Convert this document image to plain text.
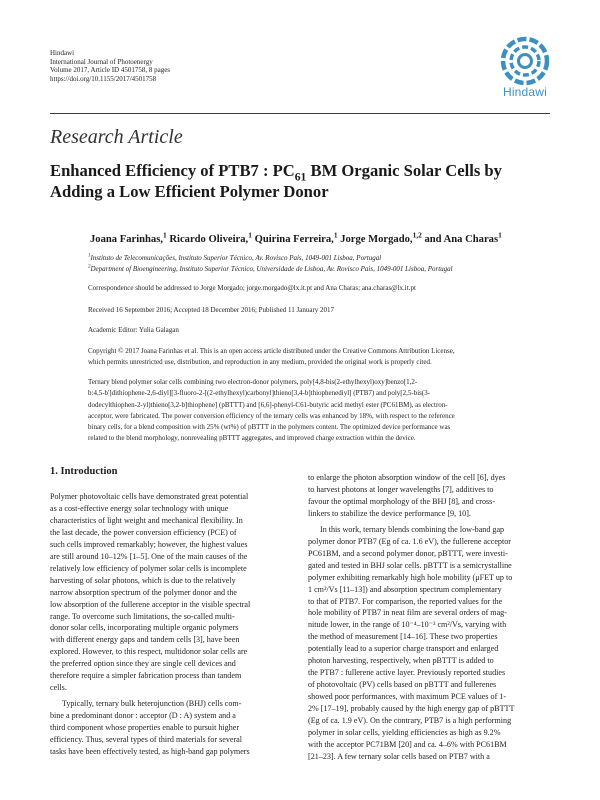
Hindawi
International Journal of Photoenergy
Volume 2017, Article ID 4501758, 8 pages
https://doi.org/10.1155/2017/4501758
Hindawi
Research Article
Enhanced Efficiency of PTB7 : $PC_{61}$ BM Organic Solar Cells by
Adding a Low Efficient Polymer Donor
Joana Farinhas,$^1$ Ricardo Oliveira,$^1$ Quirina Ferreira,$^1$ Jorge Morgado,$^{1,2}$ and Ana Charas$^1$
$^1$Instituto de Telecomunicações, Instituto Superior Técnico, Av. Rovisco Pais, 1049-001 Lisboa, Portugal
$^2$Department of Bioengineering, Instituto Superior Técnico, Universidade de Lisboa, Av. Rovisco Pais, 1049-001 Lisboa, Portugal
Correspondence should be addressed to Jorge Morgado; jorge.morgado@lx.it.pt and Ana Charas; ana.charas@lx.it.pt
Received 16 September 2016; Accepted 18 December 2016; Published 11 January 2017
Academic Editor: Yulia Galagan
Copyright © 2017 Joana Farinhas et al. This is an open access article distributed under the Creative Commons Attribution License,
which permits unrestricted use, distribution, and reproduction in any medium, provided the original work is properly cited.
Ternary blend polymer solar cells combining two electron-donor polymers, poly[4,8-bis(2-ethylhexyl)oxy]benzo[1,2-
b:4,5-b']dithiophene-2,6-diyl][3-fluoro-2-[(2-ethylhexyl)carbonyl]thieno[3,4-b]thiophenediyl] (PTB7) and poly[2,5-bis(3-
dodecylthiophen-2-yl)thieno[3,2-b]thiophene] (pBTTT) and [6,6]-phenyl-C61-butyric acid methyl ester (PC61BM), as electron-
acceptor, were fabricated. The power conversion efficiency of the ternary cells was enhanced by 18%, with respect to the reference
binary cells, for a blend composition with 25% (wt%) of pBTTT in the polymers content. The optimized device performance was
related to the blend morphology, nonrevealing pBTTT aggregates, and improved charge extraction within the device.
1. Introduction
Polymer photovoltaic cells have demonstrated great potential
as a cost-effective energy solar technology with unique
characteristics of light weight and mechanical flexibility. In
the last decade, the power conversion efficiency (PCE) of
such cells improved remarkably; however, the highest values
are still around 10–12% [1–5]. One of the main causes of the
relatively low efficiency of polymer solar cells is incomplete
harvesting of solar photons, which is due to the relatively
narrow absorption spectrum of the polymer donor and the
low absorption of the fullerene acceptor in the visible spectral
range. To overcome such limitations, the so-called multi-
donor solar cells, incorporating multiple organic polymers
with different energy gaps and tandem cells [3], have been
explored. However, to this respect, multidonor solar cells are
the preferred option since they are single cell devices and
therefore require a simpler fabrication process than tandem
cells.
Typically, ternary bulk heterojunction (BHJ) cells com-
bine a predominant donor : acceptor (D : A) system and a
third component whose properties enable to pursuit higher
efficiency. Thus, several types of third materials for several
tasks have been effectively tested, as high-band gap polymers
to enlarge the photon absorption window of the cell [6], dyes
to harvest photons at longer wavelengths [7], additives to
favour the optimal morphology of the BHJ [8], and cross-
linkers to stabilize the device performance [9, 10].
In this work, ternary blends combining the low-band gap
polymer donor PTB7 (Eg of ca. 1.6 eV), the fullerene acceptor
PC61BM, and a second polymer donor, pBTTT, were investi-
gated and tested in BHJ solar cells. pBTTT is a semicrystalline
polymer exhibiting remarkably high hole mobility (μFET up to
1 cm²/Vs [11–13]) and absorption spectrum complementary
to that of PTB7. For comparison, the reported values for the
hole mobility of PTB7 in neat film are several orders of mag-
nitude lower, in the range of 10⁻⁴–10⁻³ cm²/Vs, varying with
the method of measurement [14–16]. These two properties
potentially lead to a superior charge transport and enlarged
photon harvesting, respectively, when pBTTT is added to
the PTB7 : fullerene active layer. Previously reported studies
of photovoltaic (PV) cells based on pBTTT and fullerenes
showed poor performances, with maximum PCE values of 1-
2% [17–19], probably caused by the high energy gap of pBTTT
(Eg of ca. 1.9 eV). On the contrary, PTB7 is a high performing
polymer in solar cells, yielding efficiencies as high as 9.2%
with the acceptor PC71BM [20] and ca. 4–6% with PC61BM
[21–23]. A few ternary solar cells based on PTB7 with a
